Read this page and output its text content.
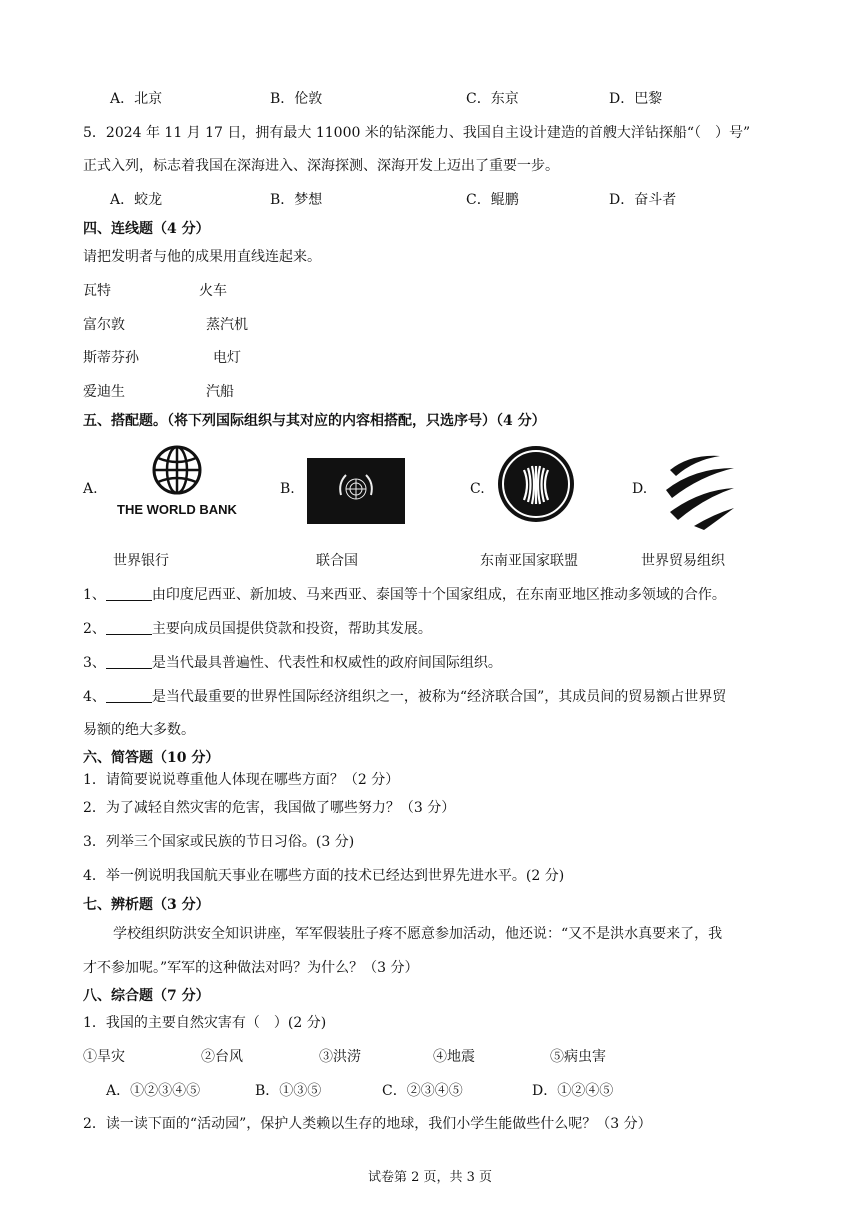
A．北京	B．伦敦	C．东京	D．巴黎
5．2024 年 11 月 17 日，拥有最大 11000 米的钻深能力、我国自主设计建造的首艘大洋钻探船“（　）号”
正式入列，标志着我国在深海进入、深海探测、深海开发上迈出了重要一步。
A．蛟龙	B．梦想	C．鲲鹏	D．奋斗者
四、连线题（4 分）
请把发明者与他的成果用直线连起来。
瓦特	火车
富尔敦	蒸汽机
斯蒂芬孙	电灯
爱迪生	汽船
五、搭配题。（将下列国际组织与其对应的内容相搭配，只选序号）（4 分）
A.
THE WORLD BANK
B.	C.	D.
世界银行	联合国	东南亚国家联盟	世界贸易组织
1、	由印度尼西亚、新加坡、马来西亚、泰国等十个国家组成，在东南亚地区推动多领域的合作。
2、	主要向成员国提供贷款和投资，帮助其发展。
3、	是当代最具普遍性、代表性和权威性的政府间国际组织。
4、	是当代最重要的世界性国际经济组织之一，被称为“经济联合国”，其成员间的贸易额占世界贸
易额的绝大多数。
六、简答题（10 分）
1．请简要说说尊重他人体现在哪些方面？（2 分）
2．为了减轻自然灾害的危害，我国做了哪些努力？（3 分）
3．列举三个国家或民族的节日习俗。(3 分)
4．举一例说明我国航天事业在哪些方面的技术已经达到世界先进水平。(2 分)
七、辨析题（3 分）
学校组织防洪安全知识讲座，军军假装肚子疼不愿意参加活动，他还说：“又不是洪水真要来了，我
才不参加呢。”军军的这种做法对吗？为什么？（3 分）
八、综合题（7 分）
1．我国的主要自然灾害有（　）(2 分)
①旱灾	②台风	③洪涝	④地震	⑤病虫害
A．①②③④⑤	B．①③⑤	C．②③④⑤	D．①②④⑤
2．读一读下面的“活动园”，保护人类赖以生存的地球，我们小学生能做些什么呢？（3 分）
试卷第 2 页，共 3 页
